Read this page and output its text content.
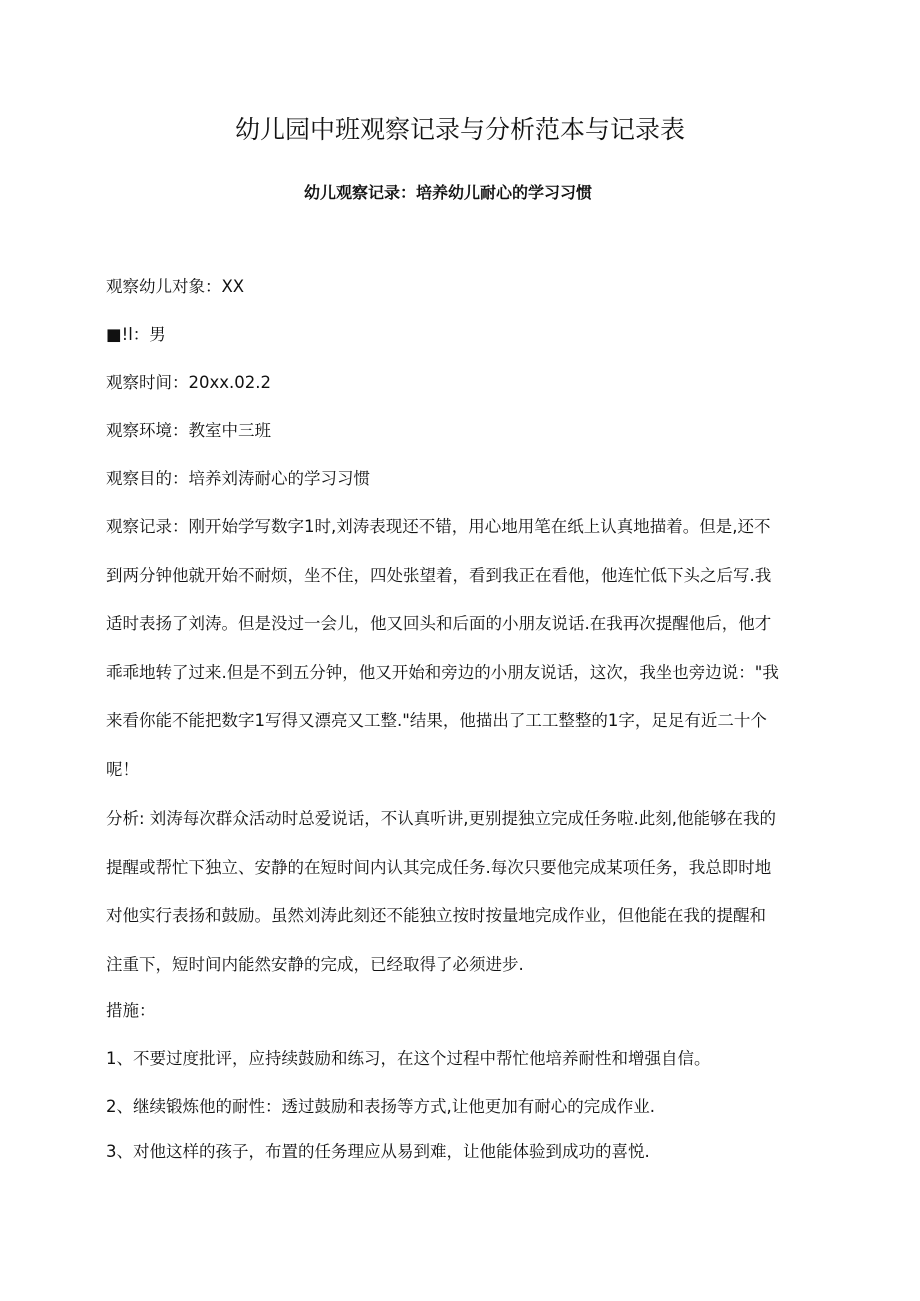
幼儿园中班观察记录与分析范本与记录表
幼儿观察记录：培养幼儿耐心的学习习惯

观察幼儿对象：XX

■!l：男

观察时间：20xx.02.2

观察环境：教室中三班

观察目的：培养刘涛耐心的学习习惯

观察记录：刚开始学写数字1时,刘涛表现还不错，用心地用笔在纸上认真地描着。但是,还不
到两分钟他就开始不耐烦，坐不住，四处张望着，看到我正在看他，他连忙低下头之后写.我
适时表扬了刘涛。但是没过一会儿，他又回头和后面的小朋友说话.在我再次提醒他后，他才
乖乖地转了过来.但是不到五分钟，他又开始和旁边的小朋友说话，这次，我坐也旁边说："我
来看你能不能把数字1写得又漂亮又工整."结果，他描出了工工整整的1字，足足有近二十个
呢！
分析: 刘涛每次群众活动时总爱说话，不认真听讲,更别提独立完成任务啦.此刻,他能够在我的
提醒或帮忙下独立、安静的在短时间内认其完成任务.每次只要他完成某项任务，我总即时地
对他实行表扬和鼓励。虽然刘涛此刻还不能独立按时按量地完成作业，但他能在我的提醒和
注重下，短时间内能然安静的完成，已经取得了必须进步.

措施：

1、不要过度批评，应持续鼓励和练习，在这个过程中帮忙他培养耐性和增强自信。

2、继续锻炼他的耐性：透过鼓励和表扬等方式,让他更加有耐心的完成作业.

3、对他这样的孩子，布置的任务理应从易到难，让他能体验到成功的喜悦.
